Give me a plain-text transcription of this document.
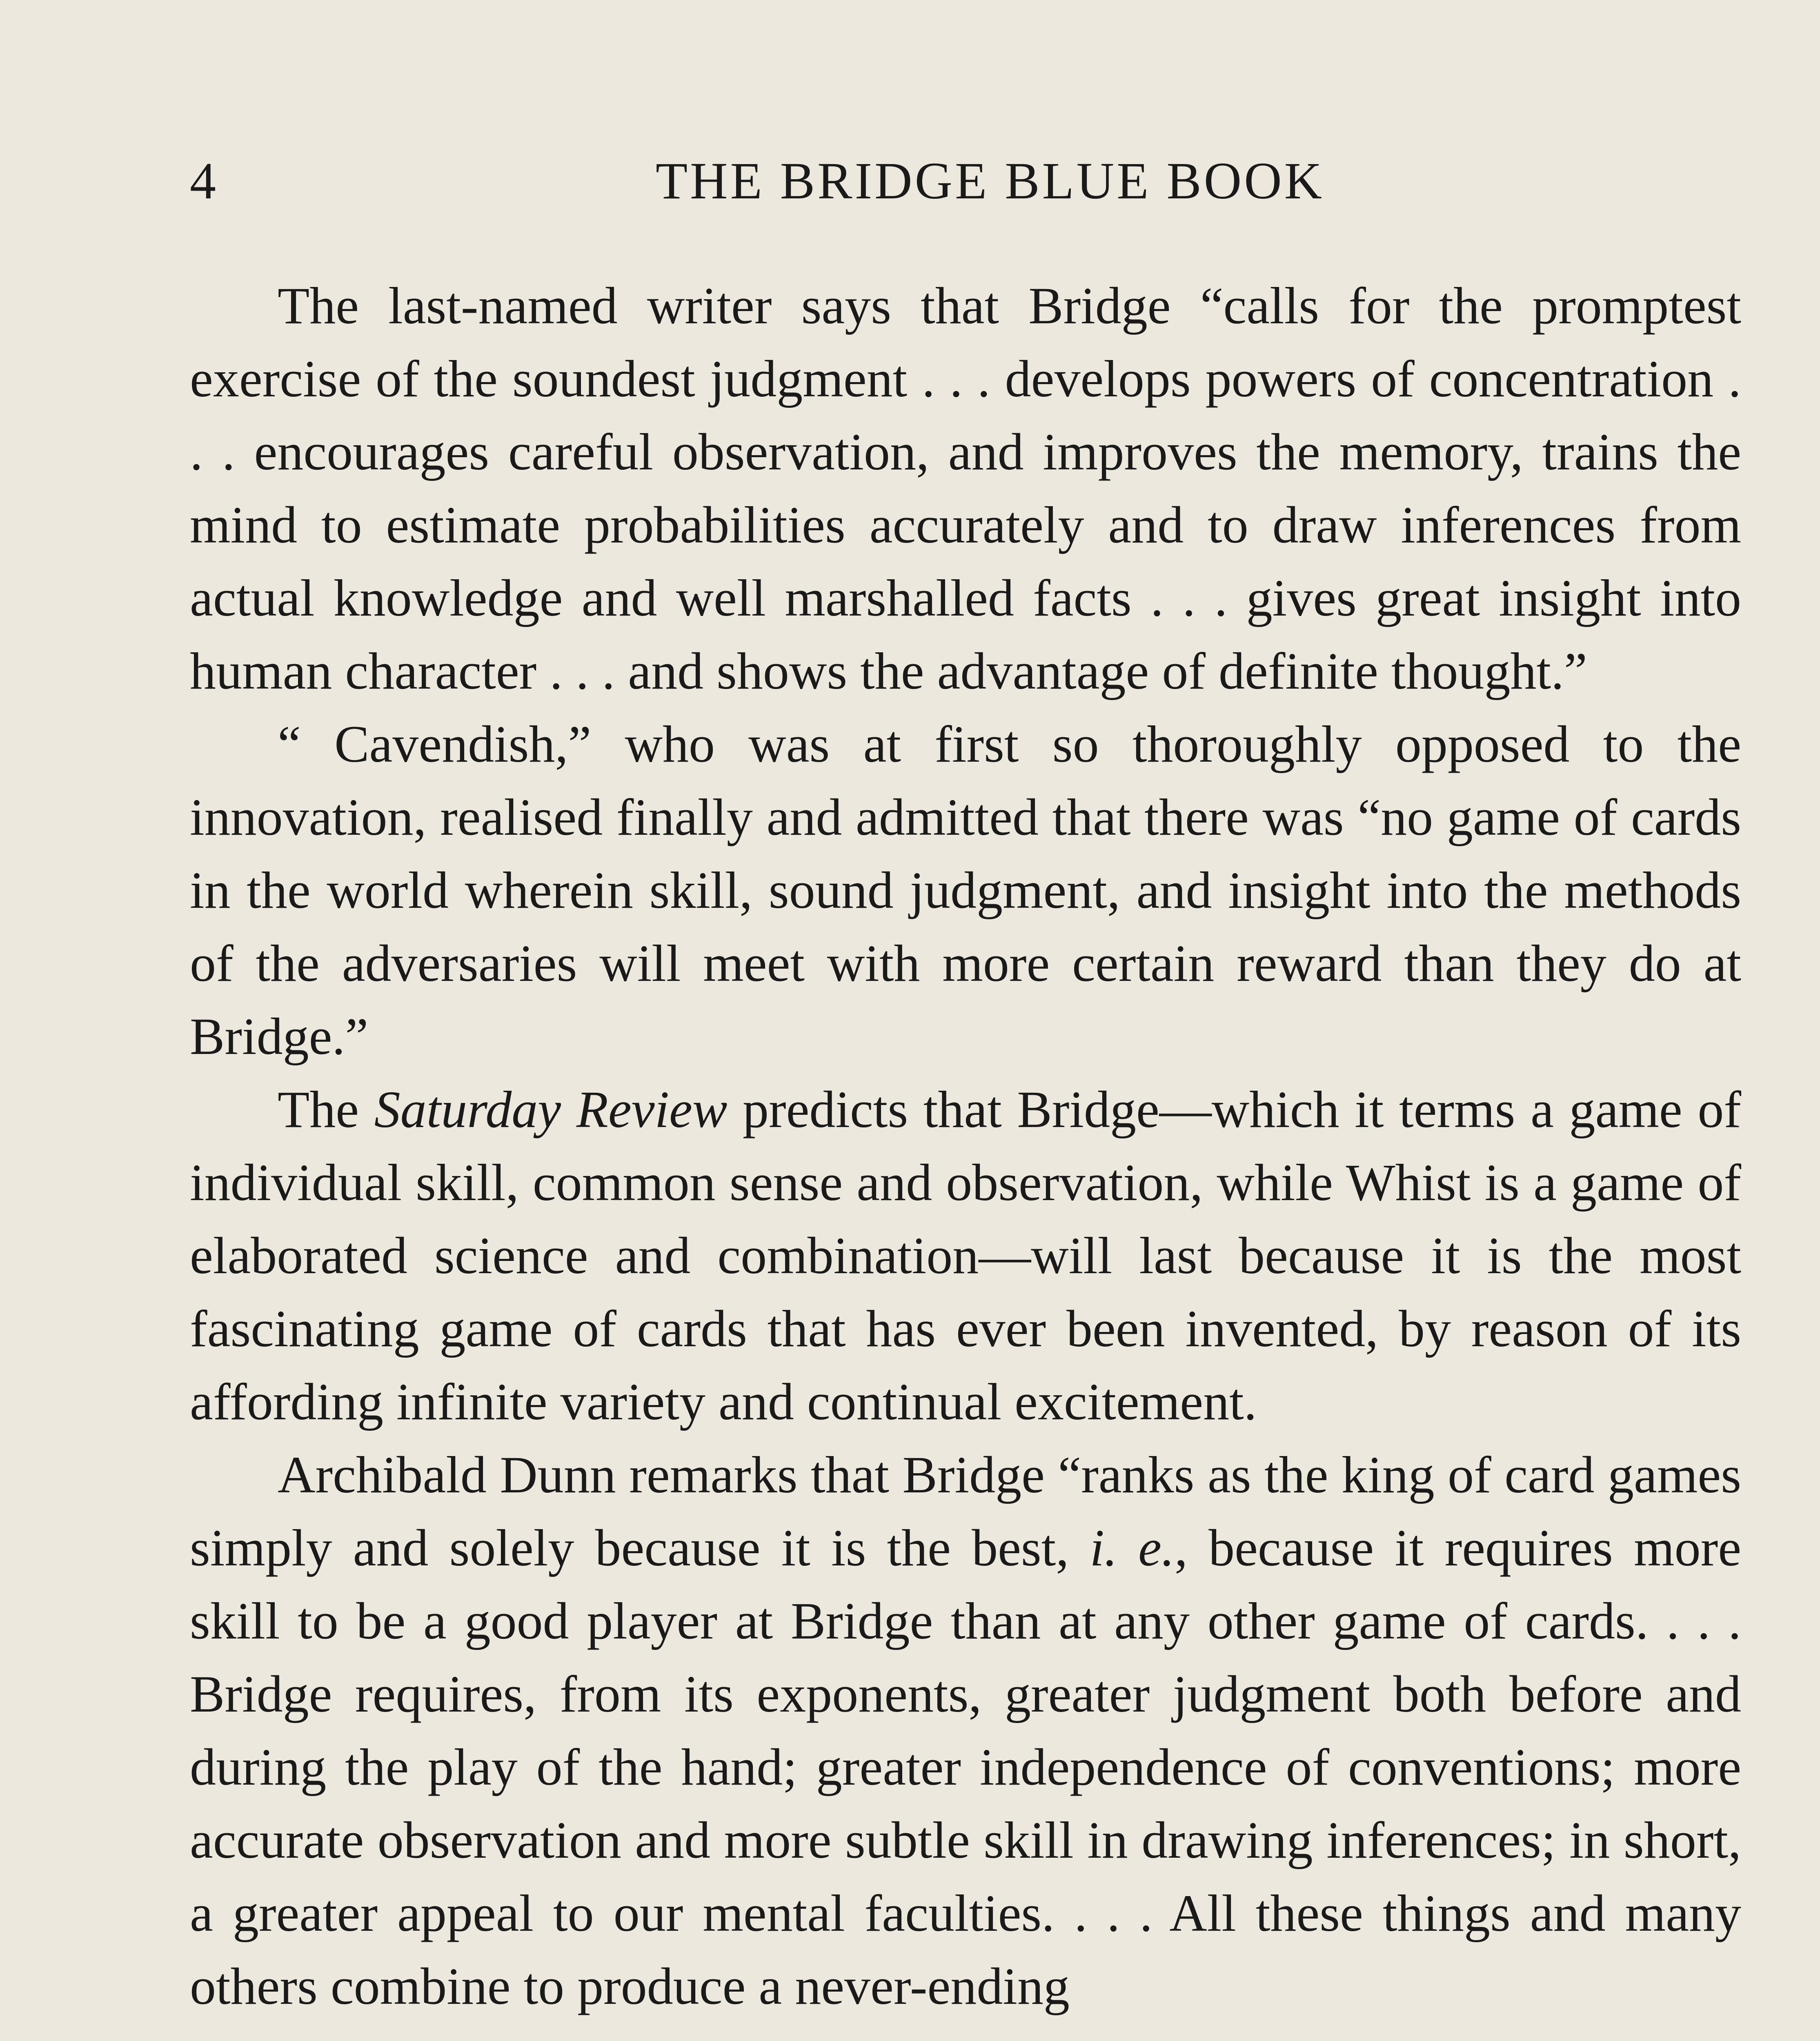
4	THE BRIDGE BLUE BOOK

The last-named writer says that Bridge “calls for the promptest exercise of the soundest judgment . . . develops powers of concentration . . . encourages careful observation, and improves the memory, trains the mind to estimate probabilities accurately and to draw inferences from actual knowledge and well marshalled facts . . . gives great insight into human character . . . and shows the advantage of definite thought.”

“ Cavendish,” who was at first so thoroughly opposed to the innovation, realised finally and admitted that there was “no game of cards in the world wherein skill, sound judgment, and insight into the methods of the adversaries will meet with more certain reward than they do at Bridge.”

The Saturday Review predicts that Bridge—which it terms a game of individual skill, common sense and observation, while Whist is a game of elaborated science and combination—will last because it is the most fascinating game of cards that has ever been invented, by reason of its affording infinite variety and continual excitement.

Archibald Dunn remarks that Bridge “ranks as the king of card games simply and solely because it is the best, i. e., because it requires more skill to be a good player at Bridge than at any other game of cards. . . . Bridge requires, from its exponents, greater judgment both before and during the play of the hand; greater independence of conventions; more accurate observation and more subtle skill in drawing inferences; in short, a greater appeal to our mental faculties. . . . All these things and many others combine to produce a never-ending
